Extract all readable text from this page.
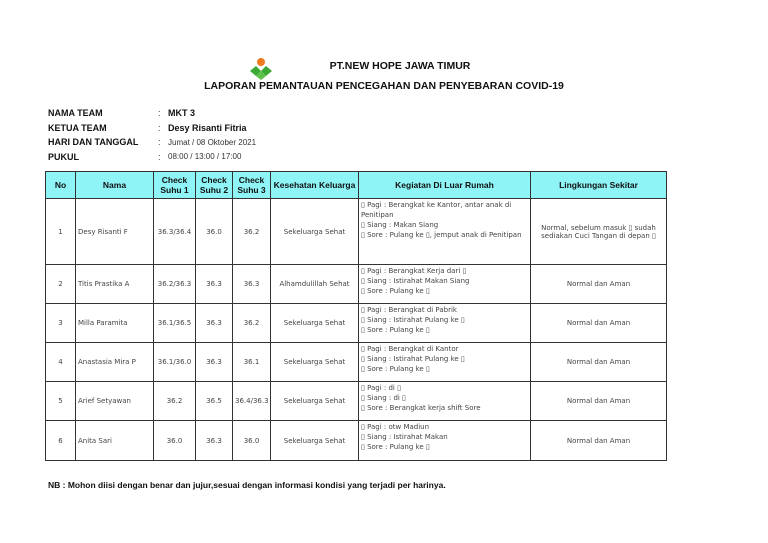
PT.NEW HOPE JAWA TIMUR
LAPORAN PEMANTAUAN PENCEGAHAN DAN PENYEBARAN COVID-19
NAMA TEAM	: MKT 3
KETUA TEAM	: Desy Risanti Fitria
HARI DAN TANGGAL	: Jumat / 08 Oktober 2021
PUKUL	: 08:00 / 13:00 / 17:00
No	Nama	Check Suhu 1	Check Suhu 2	Check Suhu 3	Kesehatan Keluarga	Kegiatan Di Luar Rumah	Lingkungan Sekitar
1	Desy Risanti F	36.3/36.4	36.0	36.2	Sekeluarga Sehat	▯ Pagi : Berangkat ke Kantor, antar anak di Penitipan
▯ Siang : Makan Siang
▯ Sore : Pulang ke ▯, jemput anak di Penitipan	Normal, sebelum masuk ▯ sudah sediakan Cuci Tangan di depan ▯
2	Titis Prastika A	36.2/36.3	36.3	36.3	Alhamdulillah Sehat	▯ Pagi : Berangkat Kerja dari ▯
▯ Siang : Istirahat Makan Siang
▯ Sore : Pulang ke ▯	Normal dan Aman
3	Milla Paramita	36.1/36.5	36.3	36.2	Sekeluarga Sehat	▯ Pagi : Berangkat di Pabrik
▯ Siang : Istirahat Pulang ke ▯
▯ Sore : Pulang ke ▯	Normal dan Aman
4	Anastasia Mira P	36.1/36.0	36.3	36.1	Sekeluarga Sehat	▯ Pagi : Berangkat di Kantor
▯ Siang : Istirahat Pulang ke ▯
▯ Sore : Pulang ke ▯	Normal dan Aman
5	Arief Setyawan	36.2	36.5	36.4/36.3	Sekeluarga Sehat	▯ Pagi : di ▯
▯ Siang : di ▯
▯ Sore : Berangkat kerja shift Sore	Normal dan Aman
6	Anita Sari	36.0	36.3	36.0	Sekeluarga Sehat	▯ Pagi : otw Madiun
▯ Siang : Istirahat Makan
▯ Sore : Pulang ke ▯	Normal dan Aman
NB : Mohon diisi dengan benar dan jujur,sesuai dengan informasi kondisi yang terjadi per harinya.
